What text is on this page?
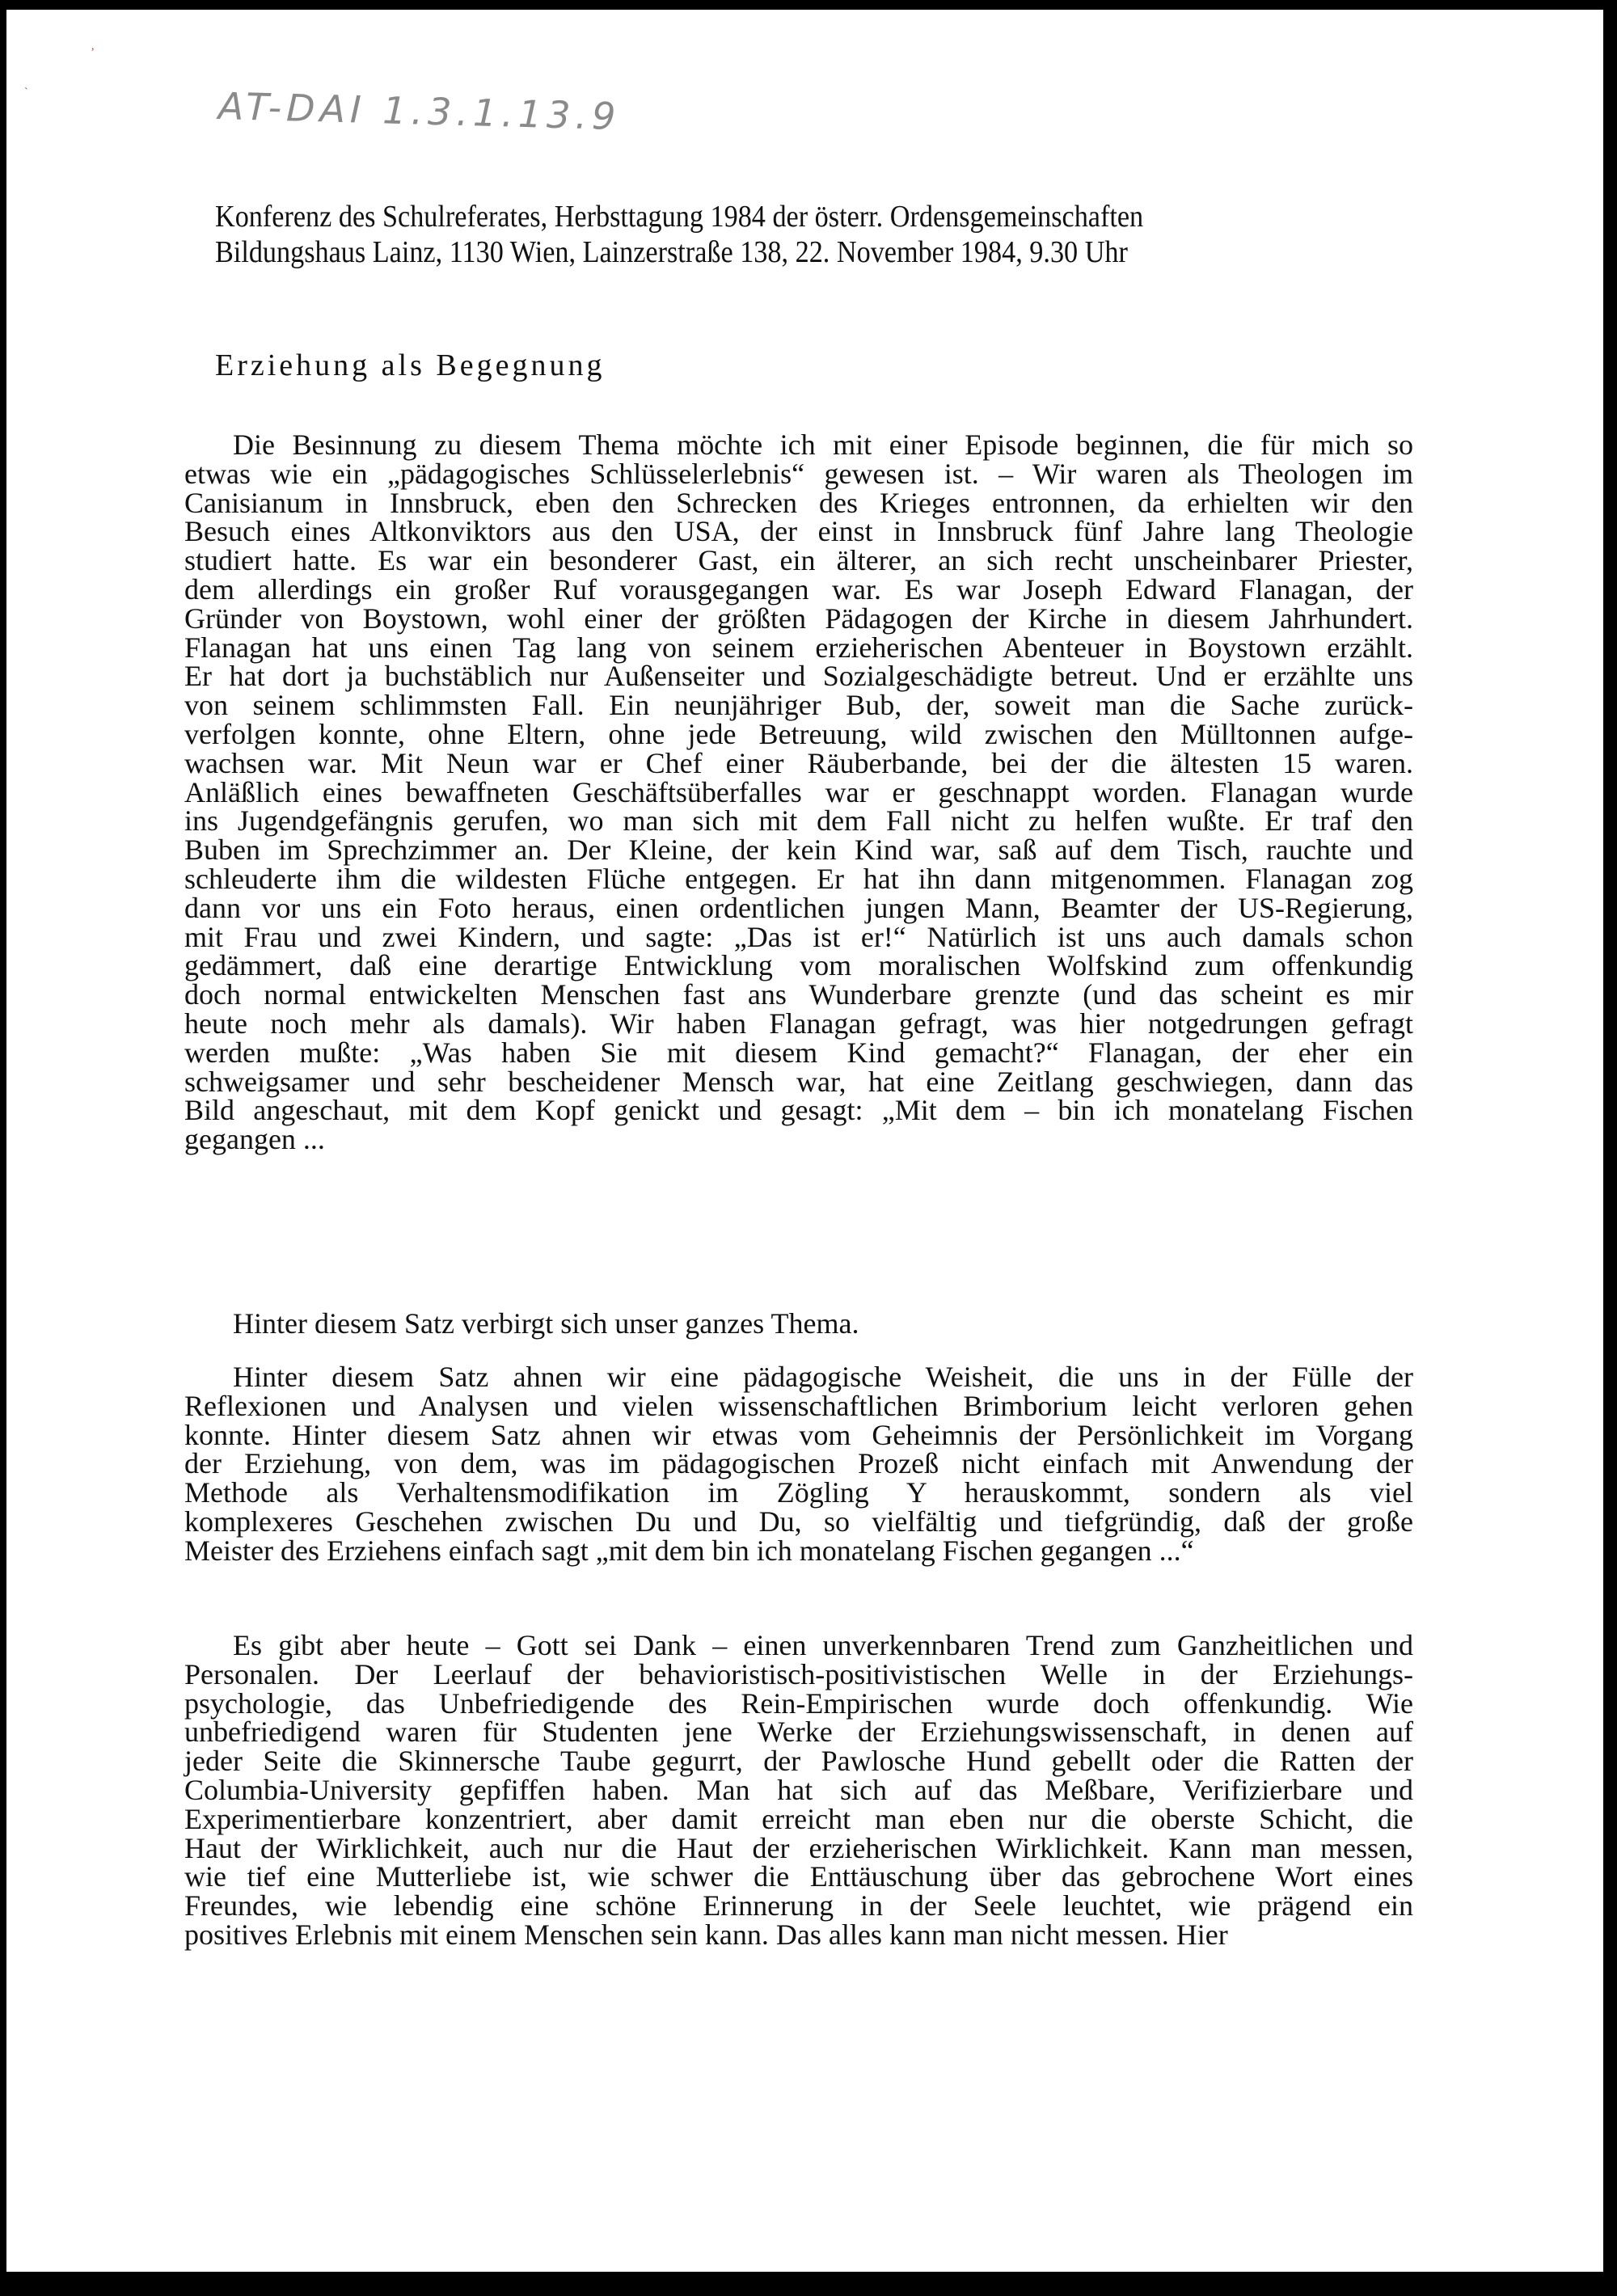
,
`	AT-DAI 1.3.1.13.9
Konferenz des Schulreferates, Herbsttagung 1984 der österr. Ordensgemeinschaften
Bildungshaus Lainz, 1130 Wien, Lainzerstraße 138, 22. November 1984, 9.30 Uhr
Erziehung als Begegnung
Die Besinnung zu diesem Thema möchte ich mit einer Episode beginnen, die für mich so
etwas wie ein „pädagogisches Schlüsselerlebnis“ gewesen ist. – Wir waren als Theologen im
Canisianum in Innsbruck, eben den Schrecken des Krieges entronnen, da erhielten wir den
Besuch eines Altkonviktors aus den USA, der einst in Innsbruck fünf Jahre lang Theologie
studiert hatte. Es war ein besonderer Gast, ein älterer, an sich recht unscheinbarer Priester,
dem allerdings ein großer Ruf vorausgegangen war. Es war Joseph Edward Flanagan, der
Gründer von Boystown, wohl einer der größten Pädagogen der Kirche in diesem Jahrhundert.
Flanagan hat uns einen Tag lang von seinem erzieherischen Abenteuer in Boystown erzählt.
Er hat dort ja buchstäblich nur Außenseiter und Sozialgeschädigte betreut. Und er erzählte uns
von seinem schlimmsten Fall. Ein neunjähriger Bub, der, soweit man die Sache zurück-
verfolgen konnte, ohne Eltern, ohne jede Betreuung, wild zwischen den Mülltonnen aufge-
wachsen war. Mit Neun war er Chef einer Räuberbande, bei der die ältesten 15 waren.
Anläßlich eines bewaffneten Geschäftsüberfalles war er geschnappt worden. Flanagan wurde
ins Jugendgefängnis gerufen, wo man sich mit dem Fall nicht zu helfen wußte. Er traf den
Buben im Sprechzimmer an. Der Kleine, der kein Kind war, saß auf dem Tisch, rauchte und
schleuderte ihm die wildesten Flüche entgegen. Er hat ihn dann mitgenommen. Flanagan zog
dann vor uns ein Foto heraus, einen ordentlichen jungen Mann, Beamter der US-Regierung,
mit Frau und zwei Kindern, und sagte: „Das ist er!“ Natürlich ist uns auch damals schon
gedämmert, daß eine derartige Entwicklung vom moralischen Wolfskind zum offenkundig
doch normal entwickelten Menschen fast ans Wunderbare grenzte (und das scheint es mir
heute noch mehr als damals). Wir haben Flanagan gefragt, was hier notgedrungen gefragt
werden mußte: „Was haben Sie mit diesem Kind gemacht?“ Flanagan, der eher ein
schweigsamer und sehr bescheidener Mensch war, hat eine Zeitlang geschwiegen, dann das
Bild angeschaut, mit dem Kopf genickt und gesagt: „Mit dem – bin ich monatelang Fischen
gegangen ...
Hinter diesem Satz verbirgt sich unser ganzes Thema.
Hinter diesem Satz ahnen wir eine pädagogische Weisheit, die uns in der Fülle der
Reflexionen und Analysen und vielen wissenschaftlichen Brimborium leicht verloren gehen
konnte. Hinter diesem Satz ahnen wir etwas vom Geheimnis der Persönlichkeit im Vorgang
der Erziehung, von dem, was im pädagogischen Prozeß nicht einfach mit Anwendung der
Methode als Verhaltensmodifikation im Zögling Y herauskommt, sondern als viel
komplexeres Geschehen zwischen Du und Du, so vielfältig und tiefgründig, daß der große
Meister des Erziehens einfach sagt „mit dem bin ich monatelang Fischen gegangen ...“
Es gibt aber heute – Gott sei Dank – einen unverkennbaren Trend zum Ganzheitlichen und
Personalen. Der Leerlauf der behavioristisch-positivistischen Welle in der Erziehungs-
psychologie, das Unbefriedigende des Rein-Empirischen wurde doch offenkundig. Wie
unbefriedigend waren für Studenten jene Werke der Erziehungswissenschaft, in denen auf
jeder Seite die Skinnersche Taube gegurrt, der Pawlosche Hund gebellt oder die Ratten der
Columbia-University gepfiffen haben. Man hat sich auf das Meßbare, Verifizierbare und
Experimentierbare konzentriert, aber damit erreicht man eben nur die oberste Schicht, die
Haut der Wirklichkeit, auch nur die Haut der erzieherischen Wirklichkeit. Kann man messen,
wie tief eine Mutterliebe ist, wie schwer die Enttäuschung über das gebrochene Wort eines
Freundes, wie lebendig eine schöne Erinnerung in der Seele leuchtet, wie prägend ein
positives Erlebnis mit einem Menschen sein kann. Das alles kann man nicht messen. Hier
